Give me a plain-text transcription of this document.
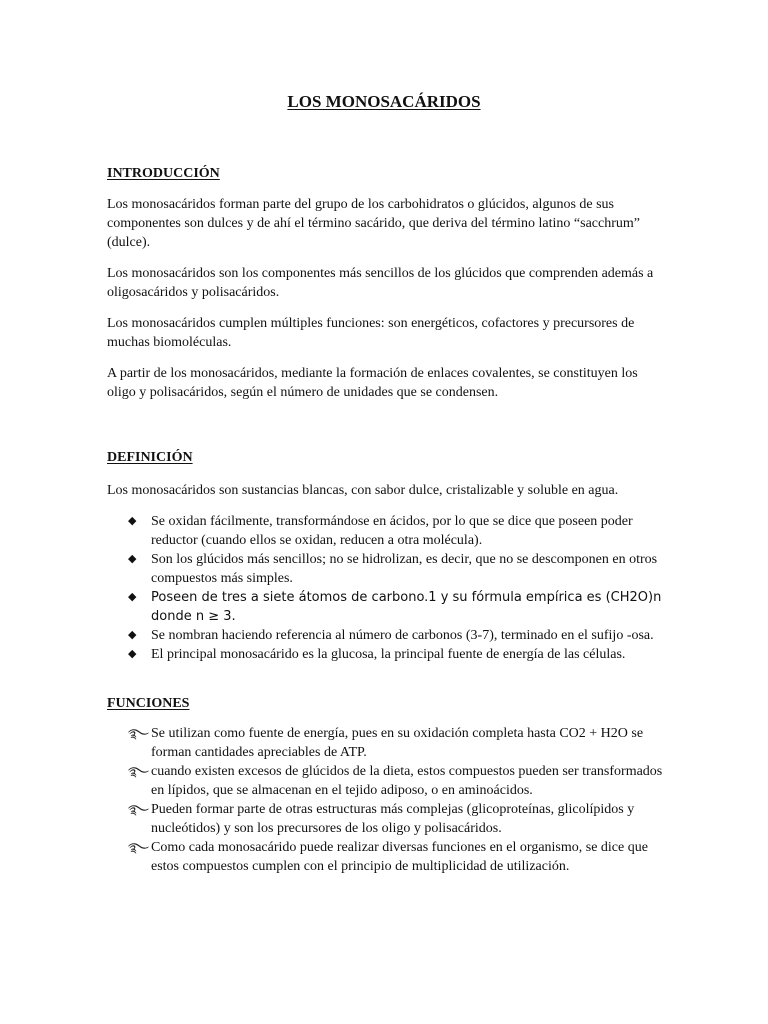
LOS MONOSACÁRIDOS

INTRODUCCIÓN

Los monosacáridos forman parte del grupo de los carbohidratos o glúcidos, algunos de sus componentes son dulces y de ahí el término sacárido, que deriva del término latino “sacchrum” (dulce).

Los monosacáridos son los componentes más sencillos de los glúcidos que comprenden además a oligosacáridos y polisacáridos.

Los monosacáridos cumplen múltiples funciones: son energéticos, cofactores y precursores de muchas biomoléculas.

A partir de los monosacáridos, mediante la formación de enlaces covalentes, se constituyen los oligo y polisacáridos, según el número de unidades que se condensen.

DEFINICIÓN

Los monosacáridos son sustancias blancas, con sabor dulce, cristalizable y soluble en agua.

◆	Se oxidan fácilmente, transformándose en ácidos, por lo que se dice que poseen poder reductor (cuando ellos se oxidan, reducen a otra molécula).
◆	Son los glúcidos más sencillos; no se hidrolizan, es decir, que no se descomponen en otros compuestos más simples.
◆	Poseen de tres a siete átomos de carbono.1 y su fórmula empírica es (CH2O)n donde n ≥ 3.
◆	Se nombran haciendo referencia al número de carbonos (3-7), terminado en el sufijo -osa.
◆	El principal monosacárido es la glucosa, la principal fuente de energía de las células.

FUNCIONES

࿐ Se utilizan como fuente de energía, pues en su oxidación completa hasta CO2 + H2O se forman cantidades apreciables de ATP.
࿐ cuando existen excesos de glúcidos de la dieta, estos compuestos pueden ser transformados en lípidos, que se almacenan en el tejido adiposo, o en aminoácidos.
࿐ Pueden formar parte de otras estructuras más complejas (glicoproteínas, glicolípidos y nucleótidos) y son los precursores de los oligo y polisacáridos.
࿐ Como cada monosacárido puede realizar diversas funciones en el organismo, se dice que estos compuestos cumplen con el principio de multiplicidad de utilización.
